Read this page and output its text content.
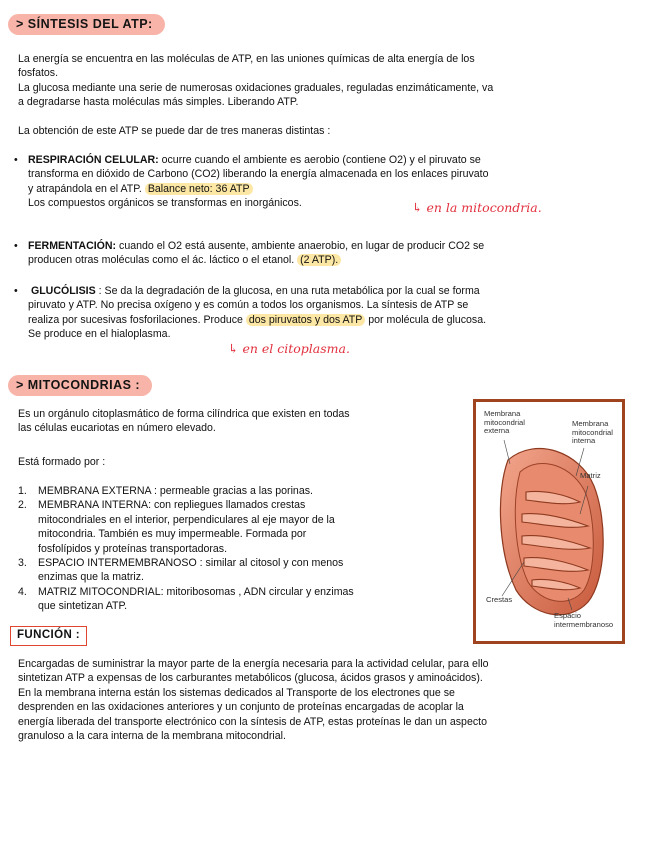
> SÍNTESIS DEL ATP:
La energía se encuentra en las moléculas de ATP, en las uniones químicas de alta energía de los
fosfatos.
La glucosa mediante una serie de numerosas oxidaciones graduales, reguladas enzimáticamente, va
a degradarse hasta moléculas más simples. Liberando ATP.
La obtención de este ATP se puede dar de tres maneras distintas :
• RESPIRACIÓN CELULAR: ocurre cuando el ambiente es aerobio (contiene O2) y el piruvato se
transforma en dióxido de Carbono (CO2) liberando la energía almacenada en los enlaces piruvato
y atrapándola en el ATP. Balance neto: 36 ATP
Los compuestos orgánicos se transformas en inorgánicos.	↳ en la mitocondria.
• FERMENTACIÓN: cuando el O2 está ausente, ambiente anaerobio, en lugar de producir CO2 se
producen otras moléculas como el ác. láctico o el etanol. (2 ATP).
• GLUCÓLISIS : Se da la degradación de la glucosa, en una ruta metabólica por la cual se forma
piruvato y ATP. No precisa oxígeno y es común a todos los organismos. La síntesis de ATP se
realiza por sucesivas fosforilaciones. Produce dos piruvatos y dos ATP por molécula de glucosa.
Se produce en el hialoplasma.
↳ en el citoplasma.
> MITOCONDRIAS :
Es un orgánulo citoplasmático de forma cilíndrica que existen en todas
las células eucariotas en número elevado.
Está formado por :
1. MEMBRANA EXTERNA : permeable gracias a las porinas.
2. MEMBRANA INTERNA: con repliegues llamados crestas
mitocondriales en el interior, perpendiculares al eje mayor de la
mitocondria. También es muy impermeable. Formada por
fosfolípidos y proteínas transportadoras.
3. ESPACIO INTERMEMBRANOSO : similar al citosol y con menos
enzimas que la matriz.
4. MATRIZ MITOCONDRIAL: mitoribosomas , ADN circular y enzimas
que sintetizan ATP.
Membrana
mitocondrial
externa
Membrana
mitocondrial
interna
Matriz
Crestas
Espacio
intermembranoso
FUNCIÓN :
Encargadas de suministrar la mayor parte de la energía necesaria para la actividad celular, para ello
sintetizan ATP a expensas de los carburantes metabólicos (glucosa, ácidos grasos y aminoácidos).
En la membrana interna están los sistemas dedicados al Transporte de los electrones que se
desprenden en las oxidaciones anteriores y un conjunto de proteínas encargadas de acoplar la
energía liberada del transporte electrónico con la síntesis de ATP, estas proteínas le dan un aspecto
granuloso a la cara interna de la membrana mitocondrial.
